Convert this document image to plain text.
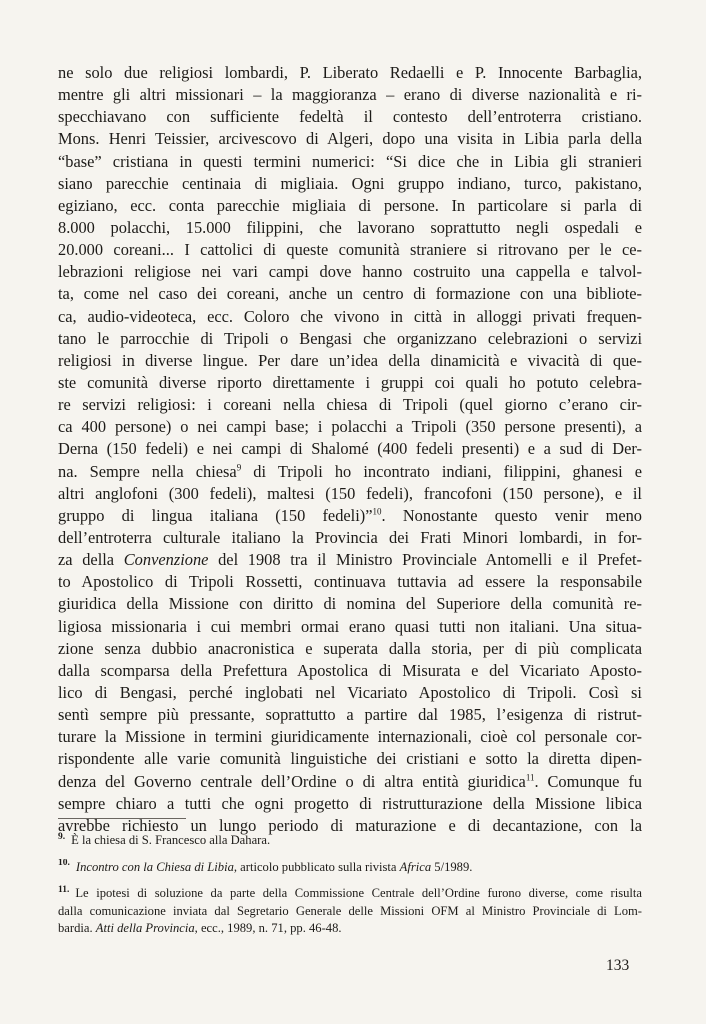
ne solo due religiosi lombardi, P. Liberato Redaelli e P. Innocente Barbaglia,
mentre gli altri missionari – la maggioranza – erano di diverse nazionalità e ri-
specchiavano con sufficiente fedeltà il contesto dell’entroterra cristiano.
Mons. Henri Teissier, arcivescovo di Algeri, dopo una visita in Libia parla della
“base” cristiana in questi termini numerici: “Si dice che in Libia gli stranieri
siano parecchie centinaia di migliaia. Ogni gruppo indiano, turco, pakistano,
egiziano, ecc. conta parecchie migliaia di persone. In particolare si parla di
8.000 polacchi, 15.000 filippini, che lavorano soprattutto negli ospedali e
20.000 coreani... I cattolici di queste comunità straniere si ritrovano per le ce-
lebrazioni religiose nei vari campi dove hanno costruito una cappella e talvol-
ta, come nel caso dei coreani, anche un centro di formazione con una bibliote-
ca, audio-videoteca, ecc. Coloro che vivono in città in alloggi privati frequen-
tano le parrocchie di Tripoli o Bengasi che organizzano celebrazioni o servizi
religiosi in diverse lingue. Per dare un’idea della dinamicità e vivacità di que-
ste comunità diverse riporto direttamente i gruppi coi quali ho potuto celebra-
re servizi religiosi: i coreani nella chiesa di Tripoli (quel giorno c’erano cir-
ca 400 persone) o nei campi base; i polacchi a Tripoli (350 persone presenti), a
Derna (150 fedeli) e nei campi di Shalomé (400 fedeli presenti) e a sud di Der-
na. Sempre nella chiesa$^9$ di Tripoli ho incontrato indiani, filippini, ghanesi e
altri anglofoni (300 fedeli), maltesi (150 fedeli), francofoni (150 persone), e il
gruppo di lingua italiana (150 fedeli)”$^{10}$. Nonostante questo venir meno
dell’entroterra culturale italiano la Provincia dei Frati Minori lombardi, in for-
za della Convenzione del 1908 tra il Ministro Provinciale Antomelli e il Prefet-
to Apostolico di Tripoli Rossetti, continuava tuttavia ad essere la responsabile
giuridica della Missione con diritto di nomina del Superiore della comunità re-
ligiosa missionaria i cui membri ormai erano quasi tutti non italiani. Una situa-
zione senza dubbio anacronistica e superata dalla storia, per di più complicata
dalla scomparsa della Prefettura Apostolica di Misurata e del Vicariato Aposto-
lico di Bengasi, perché inglobati nel Vicariato Apostolico di Tripoli. Così si
sentì sempre più pressante, soprattutto a partire dal 1985, l’esigenza di ristrut-
turare la Missione in termini giuridicamente internazionali, cioè col personale cor-
rispondente alle varie comunità linguistiche dei cristiani e sotto la diretta dipen-
denza del Governo centrale dell’Ordine o di altra entità giuridica$^{11}$. Comunque fu
sempre chiaro a tutti che ogni progetto di ristrutturazione della Missione libica
avrebbe richiesto un lungo periodo di maturazione e di decantazione, con la
$^{9.}$ È la chiesa di S. Francesco alla Dahara.
$^{10.}$ Incontro con la Chiesa di Libia, articolo pubblicato sulla rivista Africa 5/1989.
$^{11.}$ Le ipotesi di soluzione da parte della Commissione Centrale dell’Ordine furono diverse, come risulta
dalla comunicazione inviata dal Segretario Generale delle Missioni OFM al Ministro Provinciale di Lom-
bardia. Atti della Provincia, ecc., 1989, n. 71, pp. 46-48.
133
